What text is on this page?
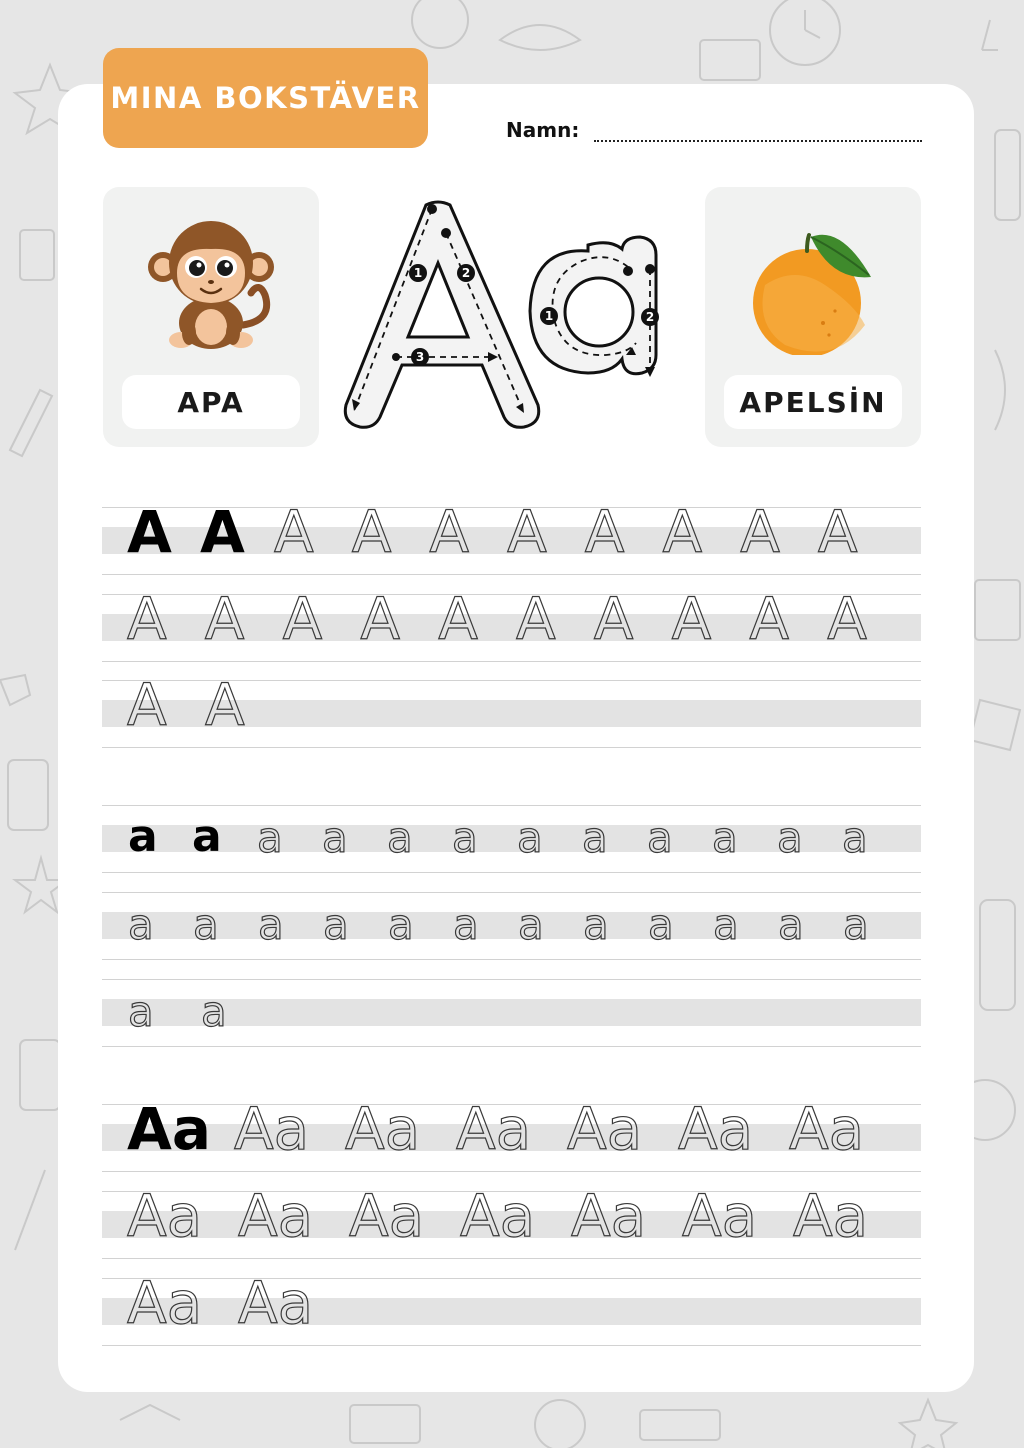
MINA BOKSTÄVER
Namn:
APA
1	2
3
1	2
APELSİN
A A A A A A A A A A
A A A A A A A A A A
A A
a a a a a a a a a a a a
a a a a a a a a a a a a
a a
Aa Aa Aa Aa Aa Aa Aa
Aa Aa Aa Aa Aa Aa Aa
Aa Aa
